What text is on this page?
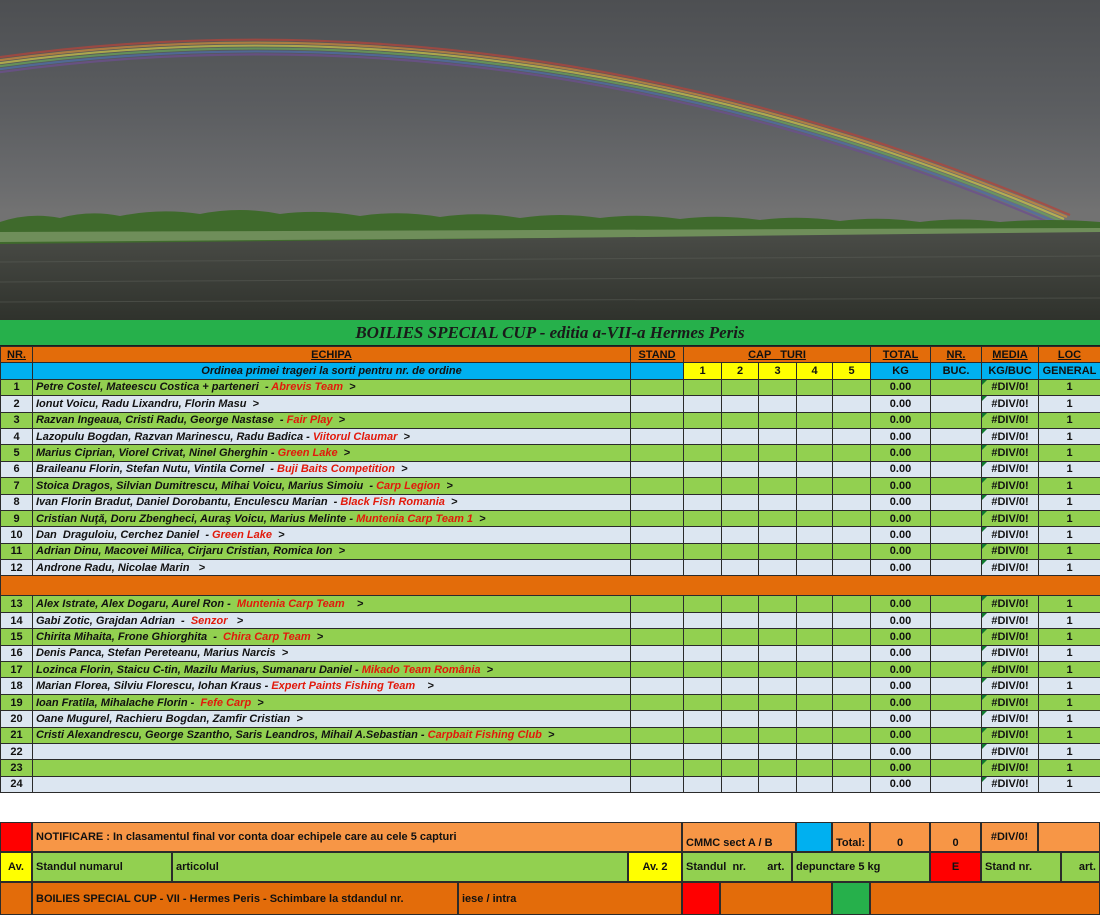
BOILIES SPECIAL CUP - editia a-VII-a Hermes Peris
NR.	ECHIPA	STAND	CAP   TURI					TOTAL	NR.	MEDIA	LOC
	Ordinea primei trageri la sorti pentru nr. de ordine		1	2	3	4	5	KG	BUC.	KG/BUC	GENERAL
1	Petre Costel, Mateescu Costica + parteneri  - Abrevis Team  >							0.00		#DIV/0!	1
2	Ionut Voicu, Radu Lixandru, Florin Masu  >							0.00		#DIV/0!	1
3	Razvan Ingeaua, Cristi Radu, George Nastase  - Fair Play  >							0.00		#DIV/0!	1
4	Lazopulu Bogdan, Razvan Marinescu, Radu Badica - Viitorul Claumar  >							0.00		#DIV/0!	1
5	Marius Ciprian, Viorel Crivat, Ninel Gherghin - Green Lake  >							0.00		#DIV/0!	1
6	Braileanu Florin, Stefan Nutu, Vintila Cornel  - Buji Baits Competition  >							0.00		#DIV/0!	1
7	Stoica Dragos, Silvian Dumitrescu, Mihai Voicu, Marius Simoiu  - Carp Legion  >							0.00		#DIV/0!	1
8	Ivan Florin Bradut, Daniel Dorobantu, Enculescu Marian  - Black Fish Romania  >							0.00		#DIV/0!	1
9	Cristian Nuţă, Doru Zbengheci, Auraş Voicu, Marius Melinte - Muntenia Carp Team 1  >							0.00		#DIV/0!	1
10	Dan  Draguloiu, Cerchez Daniel  - Green Lake  >							0.00		#DIV/0!	1
11	Adrian Dinu, Macovei Milica, Cirjaru Cristian, Romica Ion  >							0.00		#DIV/0!	1
12	Androne Radu, Nicolae Marin   >							0.00		#DIV/0!	1

13	Alex Istrate, Alex Dogaru, Aurel Ron -  Muntenia Carp Team    >							0.00		#DIV/0!	1
14	Gabi Zotic, Grajdan Adrian  -  Senzor   >							0.00		#DIV/0!	1
15	Chirita Mihaita, Frone Ghiorghita  -  Chira Carp Team  >							0.00		#DIV/0!	1
16	Denis Panca, Stefan Pereteanu, Marius Narcis  >							0.00		#DIV/0!	1
17	Lozinca Florin, Staicu C-tin, Mazilu Marius, Sumanaru Daniel - Mikado Team România  >							0.00		#DIV/0!	1
18	Marian Florea, Silviu Florescu, Iohan Kraus - Expert Paints Fishing Team    >							0.00		#DIV/0!	1
19	Ioan Fratila, Mihalache Florin -  Fefe Carp  >							0.00		#DIV/0!	1
20	Oane Mugurel, Rachieru Bogdan, Zamfir Cristian  >							0.00		#DIV/0!	1
21	Cristi Alexandrescu, George Szantho, Saris Leandros, Mihail A.Sebastian - Carpbait Fishing Club  >							0.00		#DIV/0!	1
22								0.00		#DIV/0!	1
23								0.00		#DIV/0!	1
24								0.00		#DIV/0!	1
NOTIFICARE : In clasamentul final vor conta doar echipele care au cele 5 capturi	CMMC sect A / B	Total:	0	0	#DIV/0!
Av.	Standul numarul	articolul	Av. 2	Standul  nr.       art.	depunctare 5 kg	E	Stand nr.	art.
BOILIES SPECIAL CUP - VII - Hermes Peris - Schimbare la stdandul nr.	iese / intra
